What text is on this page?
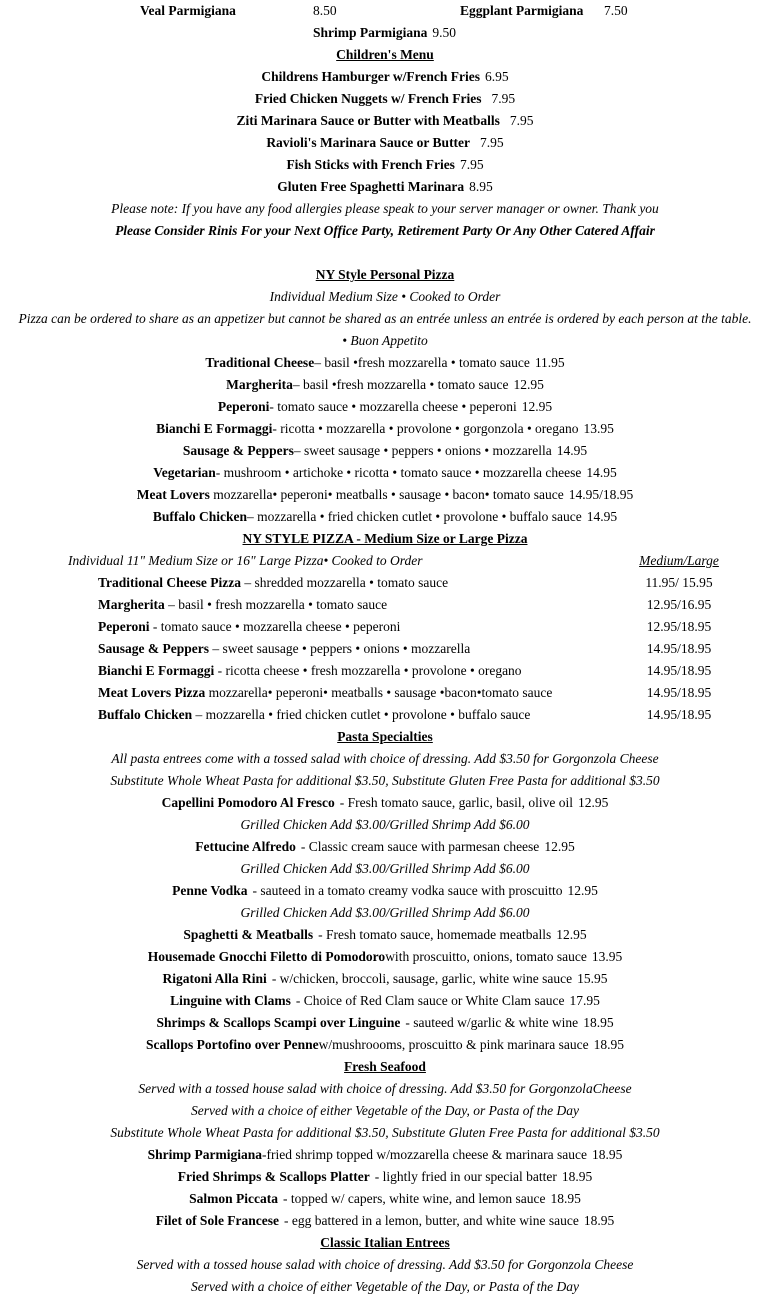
Veal Parmigiana	8.50	Eggplant Parmigiana 7.50
Shrimp Parmigiana 9.50
Children's Menu
Childrens Hamburger w/French Fries 6.95
Fried Chicken Nuggets w/ French Fries 7.95
Ziti Marinara Sauce or Butter with Meatballs 7.95
Ravioli's Marinara Sauce or Butter 7.95
Fish Sticks with French Fries 7.95
Gluten Free Spaghetti Marinara 8.95
Please note: If you have any food allergies please speak to your server manager or owner. Thank you
Please Consider Rinis For your Next Office Party, Retirement Party Or Any Other Catered Affair
NY Style Personal Pizza
Individual Medium Size • Cooked to Order
Pizza can be ordered to share as an appetizer but cannot be shared as an entrée unless an entrée is ordered by each person at the table. • Buon Appetito
Traditional Cheese– basil •fresh mozzarella • tomato sauce 11.95
Margherita– basil •fresh mozzarella • tomato sauce 12.95
Peperoni- tomato sauce • mozzarella cheese • peperoni 12.95
Bianchi E Formaggi- ricotta • mozzarella • provolone • gorgonzola • oregano 13.95
Sausage & Peppers– sweet sausage • peppers • onions • mozzarella 14.95
Vegetarian- mushroom • artichoke • ricotta • tomato sauce • mozzarella cheese 14.95
Meat Lovers mozzarella• peperoni• meatballs • sausage • bacon• tomato sauce 14.95/18.95
Buffalo Chicken– mozzarella • fried chicken cutlet • provolone • buffalo sauce 14.95
NY STYLE PIZZA - Medium Size or Large Pizza
Individual 11" Medium Size or 16" Large Pizza• Cooked to Order	Medium/Large
Traditional Cheese Pizza – shredded mozzarella • tomato sauce	11.95/ 15.95
Margherita – basil • fresh mozzarella • tomato sauce	12.95/16.95
Peperoni - tomato sauce • mozzarella cheese • peperoni	12.95/18.95
Sausage & Peppers – sweet sausage • peppers • onions • mozzarella	14.95/18.95
Bianchi E Formaggi - ricotta cheese • fresh mozzarella • provolone • oregano	14.95/18.95
Meat Lovers Pizza mozzarella• peperoni• meatballs • sausage •bacon•tomato sauce	14.95/18.95
Buffalo Chicken – mozzarella • fried chicken cutlet • provolone • buffalo sauce	14.95/18.95
Pasta Specialties
All pasta entrees come with a tossed salad with choice of dressing. Add $3.50 for Gorgonzola Cheese
Substitute Whole Wheat Pasta for additional $3.50, Substitute Gluten Free Pasta for additional $3.50
Capellini Pomodoro Al Fresco - Fresh tomato sauce, garlic, basil, olive oil 12.95
Grilled Chicken Add $3.00/Grilled Shrimp Add $6.00
Fettucine Alfredo - Classic cream sauce with parmesan cheese 12.95
Grilled Chicken Add $3.00/Grilled Shrimp Add $6.00
Penne Vodka - sauteed in a tomato creamy vodka sauce with proscuitto 12.95
Grilled Chicken Add $3.00/Grilled Shrimp Add $6.00
Spaghetti & Meatballs - Fresh tomato sauce, homemade meatballs 12.95
Housemade Gnocchi Filetto di Pomodorowith proscuitto, onions, tomato sauce 13.95
Rigatoni Alla Rini - w/chicken, broccoli, sausage, garlic, white wine sauce 15.95
Linguine with Clams - Choice of Red Clam sauce or White Clam sauce 17.95
Shrimps & Scallops Scampi over Linguine - sauteed w/garlic & white wine 18.95
Scallops Portofino over Pennew/mushroooms, proscuitto & pink marinara sauce 18.95
Fresh Seafood
Served with a tossed house salad with choice of dressing. Add $3.50 for GorgonzolaCheese
Served with a choice of either Vegetable of the Day, or Pasta of the Day
Substitute Whole Wheat Pasta for additional $3.50, Substitute Gluten Free Pasta for additional $3.50
Shrimp Parmigiana-fried shrimp topped w/mozzarella cheese & marinara sauce 18.95
Fried Shrimps & Scallops Platter - lightly fried in our special batter 18.95
Salmon Piccata - topped w/ capers, white wine, and lemon sauce 18.95
Filet of Sole Francese - egg battered in a lemon, butter, and white wine sauce 18.95
Classic Italian Entrees
Served with a tossed house salad with choice of dressing. Add $3.50 for Gorgonzola Cheese
Served with a choice of either Vegetable of the Day, or Pasta of the Day
